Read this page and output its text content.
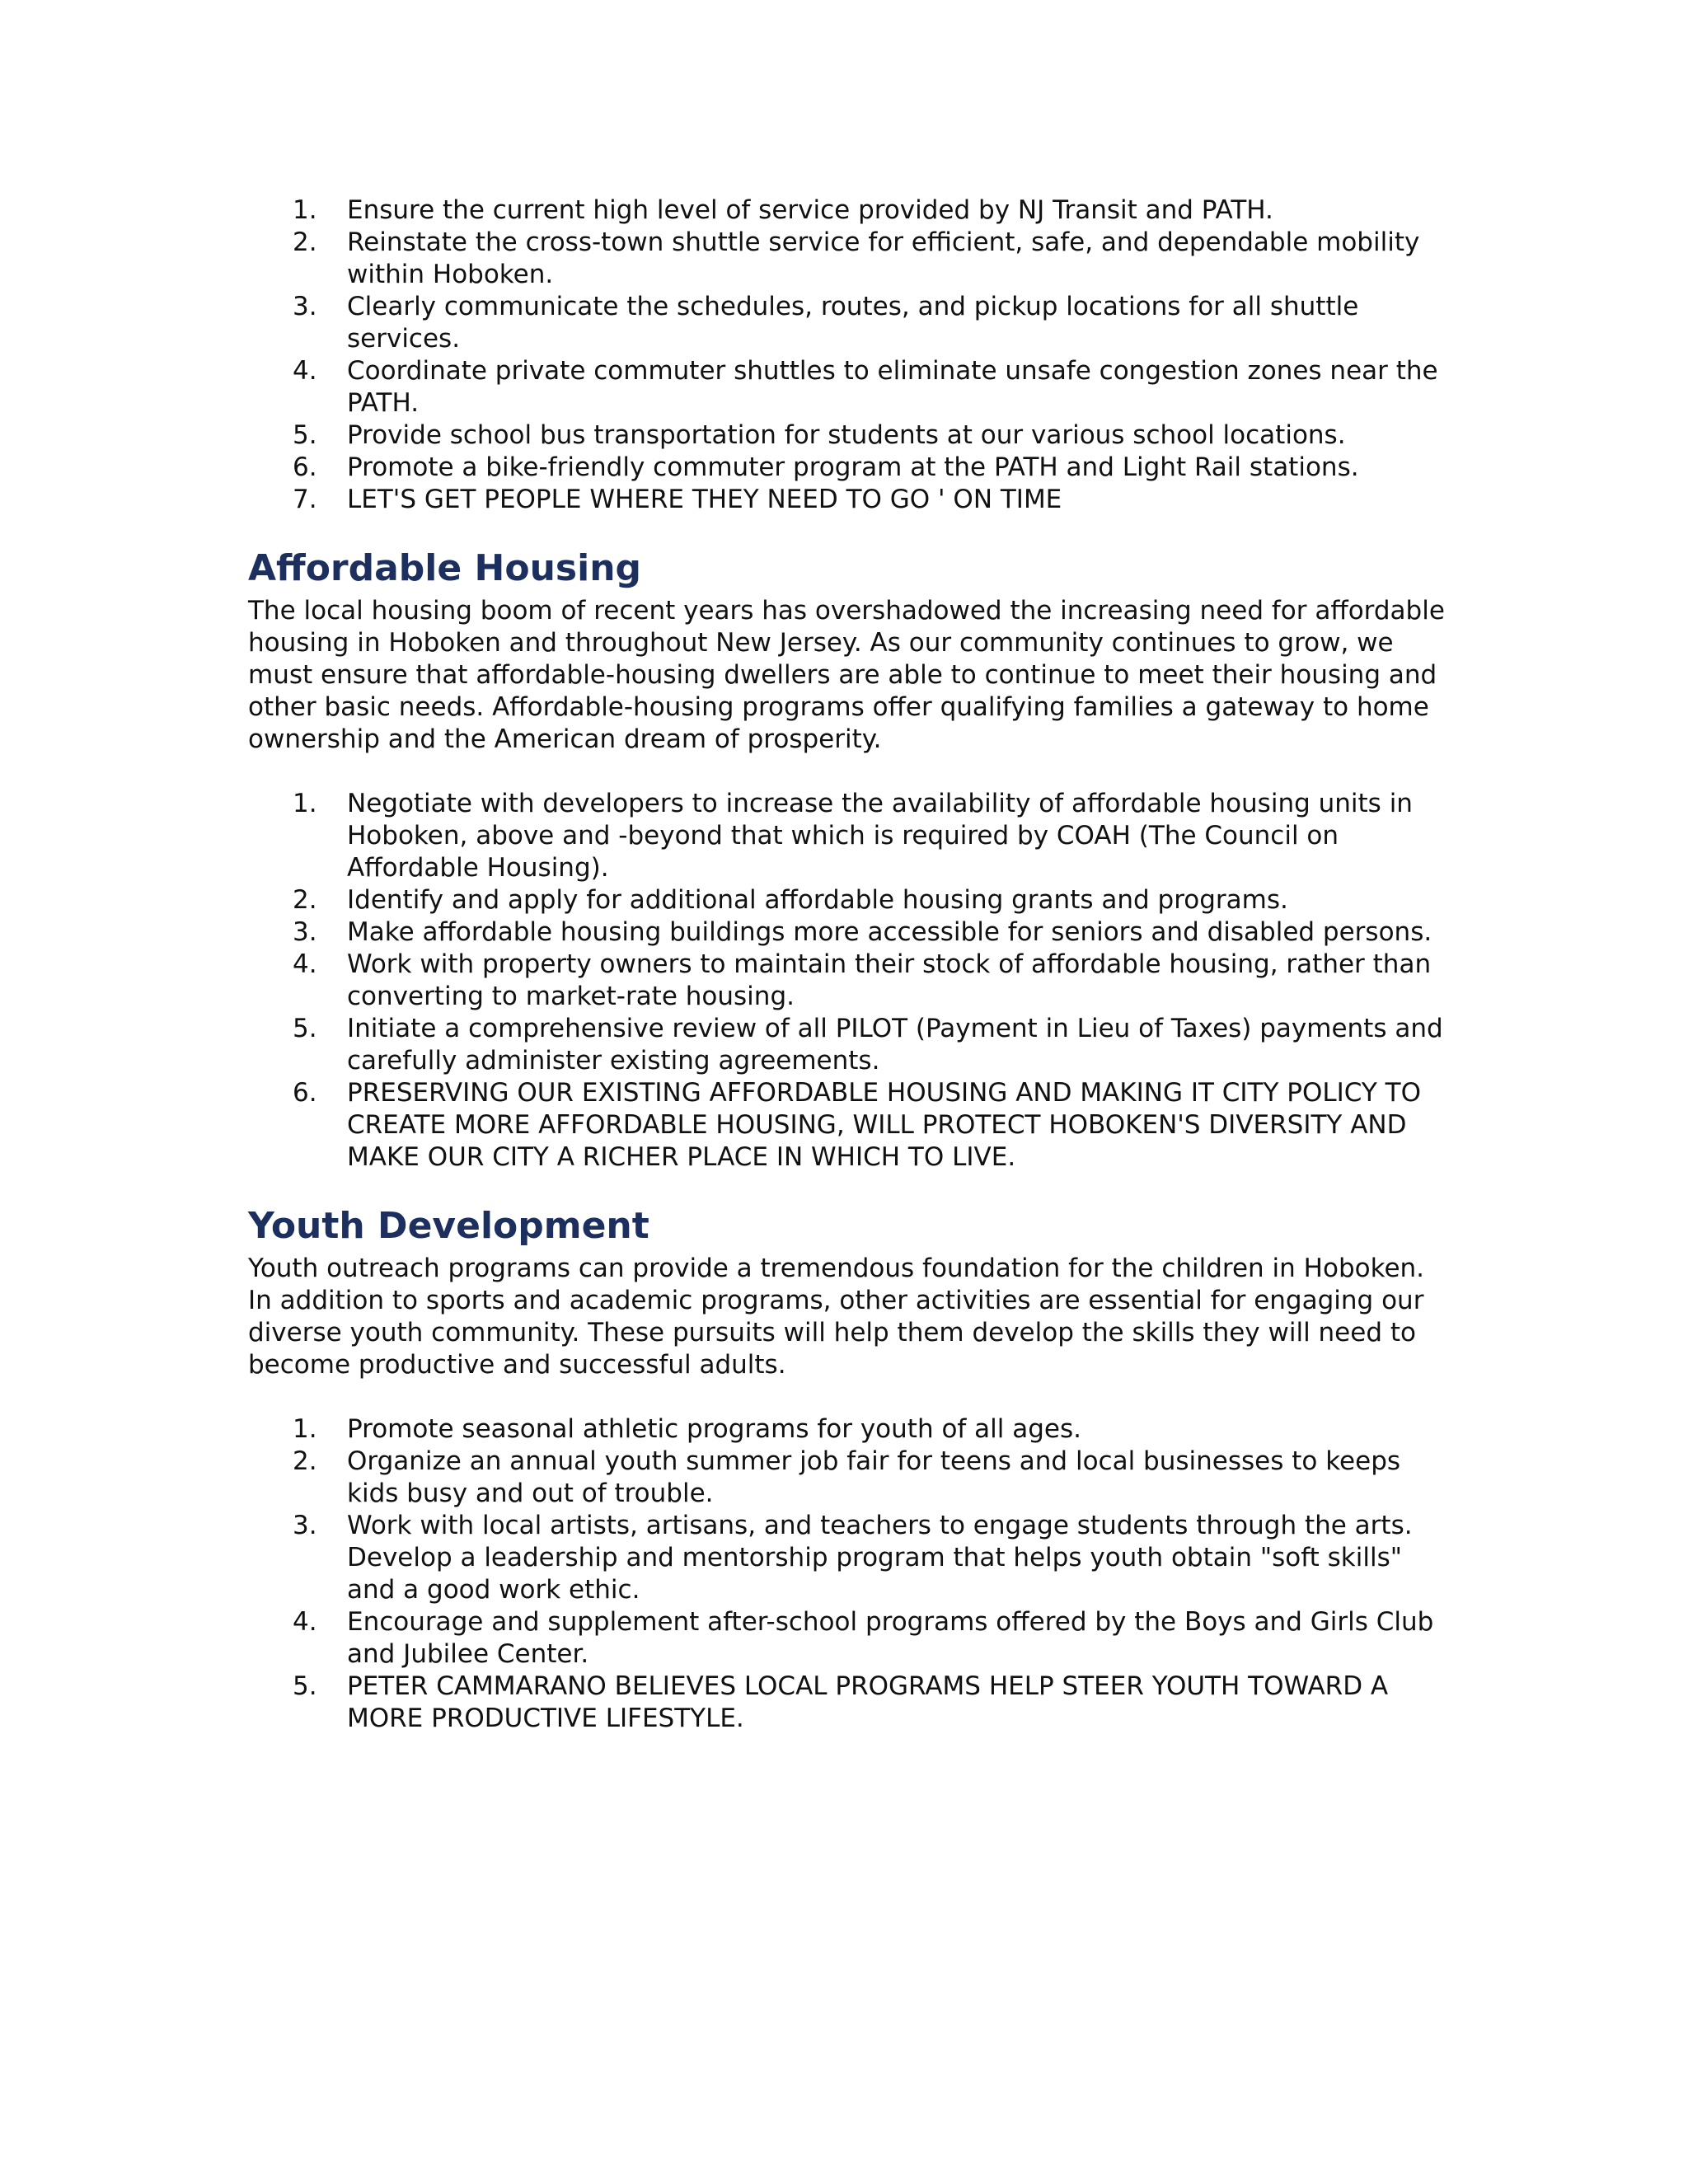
1.	Ensure the current high level of service provided by NJ Transit and PATH.
2.	Reinstate the cross-town shuttle service for efficient, safe, and dependable mobility within Hoboken.
3.	Clearly communicate the schedules, routes, and pickup locations for all shuttle services.
4.	Coordinate private commuter shuttles to eliminate unsafe congestion zones near the PATH.
5.	Provide school bus transportation for students at our various school locations.
6.	Promote a bike-friendly commuter program at the PATH and Light Rail stations.
7.	LET'S GET PEOPLE WHERE THEY NEED TO GO ' ON TIME
Affordable Housing

The local housing boom of recent years has overshadowed the increasing need for affordable housing in Hoboken and throughout New Jersey. As our community continues to grow, we must ensure that affordable-housing dwellers are able to continue to meet their housing and other basic needs. Affordable-housing programs offer qualifying families a gateway to home ownership and the American dream of prosperity.

1.	Negotiate with developers to increase the availability of affordable housing units in Hoboken, above and -beyond that which is required by COAH (The Council on Affordable Housing).
2.	Identify and apply for additional affordable housing grants and programs.
3.	Make affordable housing buildings more accessible for seniors and disabled persons.
4.	Work with property owners to maintain their stock of affordable housing, rather than converting to market-rate housing.
5.	Initiate a comprehensive review of all PILOT (Payment in Lieu of Taxes) payments and carefully administer existing agreements.
6.	PRESERVING OUR EXISTING AFFORDABLE HOUSING AND MAKING IT CITY POLICY TO CREATE MORE AFFORDABLE HOUSING, WILL PROTECT HOBOKEN'S DIVERSITY AND MAKE OUR CITY A RICHER PLACE IN WHICH TO LIVE.
Youth Development

Youth outreach programs can provide a tremendous foundation for the children in Hoboken. In addition to sports and academic programs, other activities are essential for engaging our diverse youth community. These pursuits will help them develop the skills they will need to become productive and successful adults.

1.	Promote seasonal athletic programs for youth of all ages.
2.	Organize an annual youth summer job fair for teens and local businesses to keeps kids busy and out of trouble.
3.	Work with local artists, artisans, and teachers to engage students through the arts. Develop a leadership and mentorship program that helps youth obtain "soft skills" and a good work ethic.
4.	Encourage and supplement after-school programs offered by the Boys and Girls Club and Jubilee Center.
5.	PETER CAMMARANO BELIEVES LOCAL PROGRAMS HELP STEER YOUTH TOWARD A MORE PRODUCTIVE LIFESTYLE.
